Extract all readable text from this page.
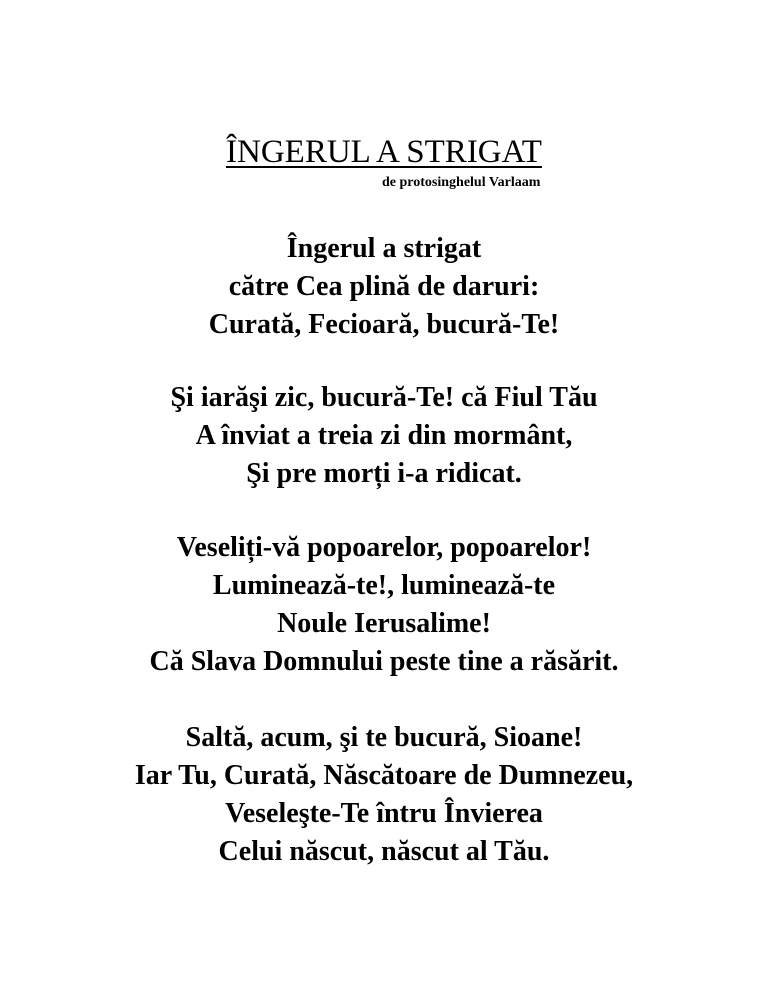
ÎNGERUL A STRIGAT
de protosinghelul Varlaam
Îngerul a strigat
către Cea plină de daruri:
Curată, Fecioară, bucură-Te!
Şi iarăşi zic, bucură-Te! că Fiul Tău
A înviat a treia zi din mormânt,
Şi pre morți i-a ridicat.
Veseliți-vă popoarelor, popoarelor!
Luminează-te!, luminează-te
Noule Ierusalime!
Că Slava Domnului peste tine a răsărit.
Saltă, acum, şi te bucură, Sioane!
Iar Tu, Curată, Născătoare de Dumnezeu,
Veseleşte-Te întru Învierea
Celui născut, născut al Tău.
